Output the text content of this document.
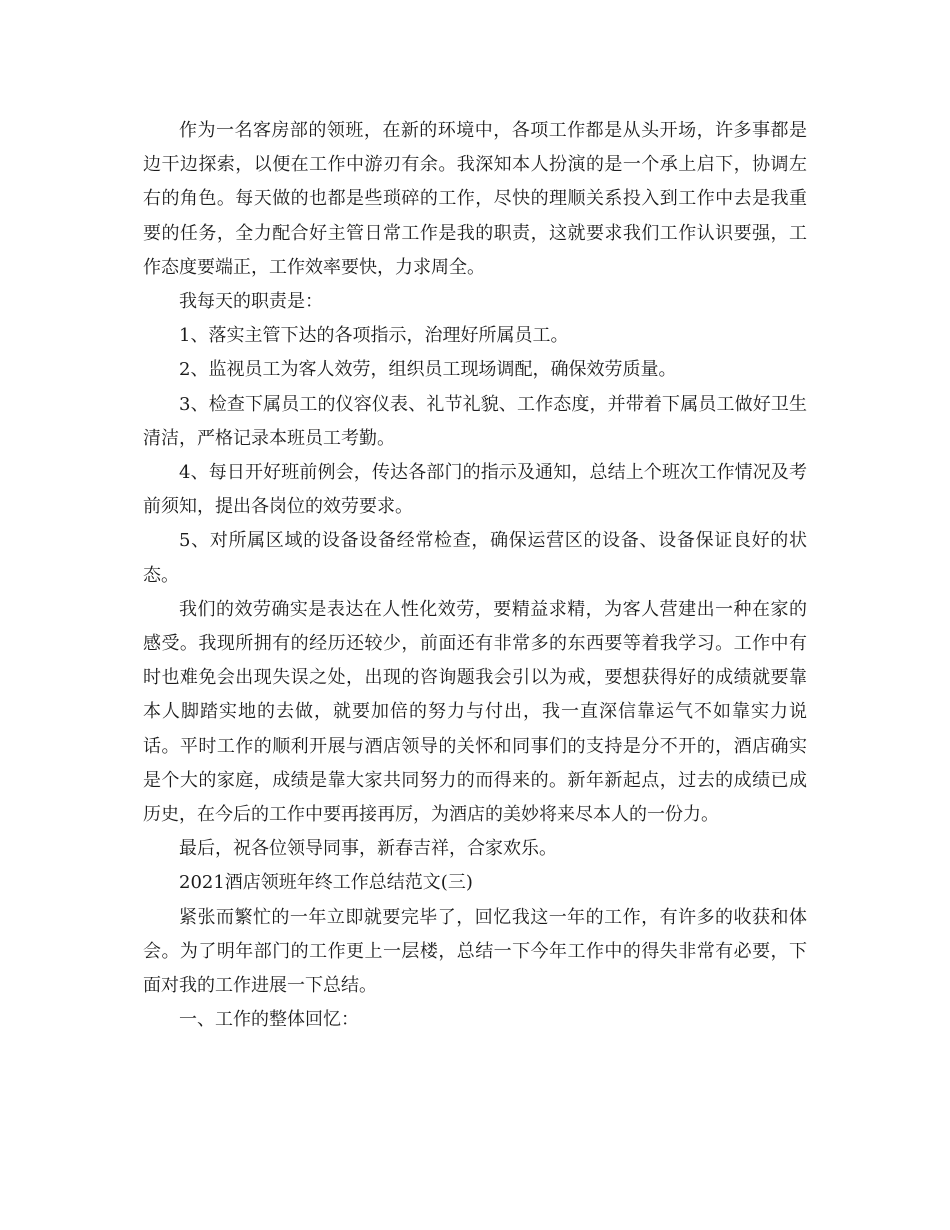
作为一名客房部的领班，在新的环境中，各项工作都是从头开场，许多事都是边干边探索，以便在工作中游刃有余。我深知本人扮演的是一个承上启下，协调左右的角色。每天做的也都是些琐碎的工作，尽快的理顺关系投入到工作中去是我重要的任务，全力配合好主管日常工作是我的职责，这就要求我们工作认识要强，工作态度要端正，工作效率要快，力求周全。

我每天的职责是：

1、落实主管下达的各项指示，治理好所属员工。

2、监视员工为客人效劳，组织员工现场调配，确保效劳质量。

3、检查下属员工的仪容仪表、礼节礼貌、工作态度，并带着下属员工做好卫生清洁，严格记录本班员工考勤。

4、每日开好班前例会，传达各部门的指示及通知，总结上个班次工作情况及考前须知，提出各岗位的效劳要求。

5、对所属区域的设备设备经常检查，确保运营区的设备、设备保证良好的状态。

我们的效劳确实是表达在人性化效劳，要精益求精，为客人营建出一种在家的感受。我现所拥有的经历还较少，前面还有非常多的东西要等着我学习。工作中有时也难免会出现失误之处，出现的咨询题我会引以为戒，要想获得好的成绩就要靠本人脚踏实地的去做，就要加倍的努力与付出，我一直深信靠运气不如靠实力说话。平时工作的顺利开展与酒店领导的关怀和同事们的支持是分不开的，酒店确实是个大的家庭，成绩是靠大家共同努力的而得来的。新年新起点，过去的成绩已成历史，在今后的工作中要再接再厉，为酒店的美妙将来尽本人的一份力。

最后，祝各位领导同事，新春吉祥，合家欢乐。

2021酒店领班年终工作总结范文(三)

紧张而繁忙的一年立即就要完毕了，回忆我这一年的工作，有许多的收获和体会。为了明年部门的工作更上一层楼，总结一下今年工作中的得失非常有必要，下面对我的工作进展一下总结。

一、工作的整体回忆：
